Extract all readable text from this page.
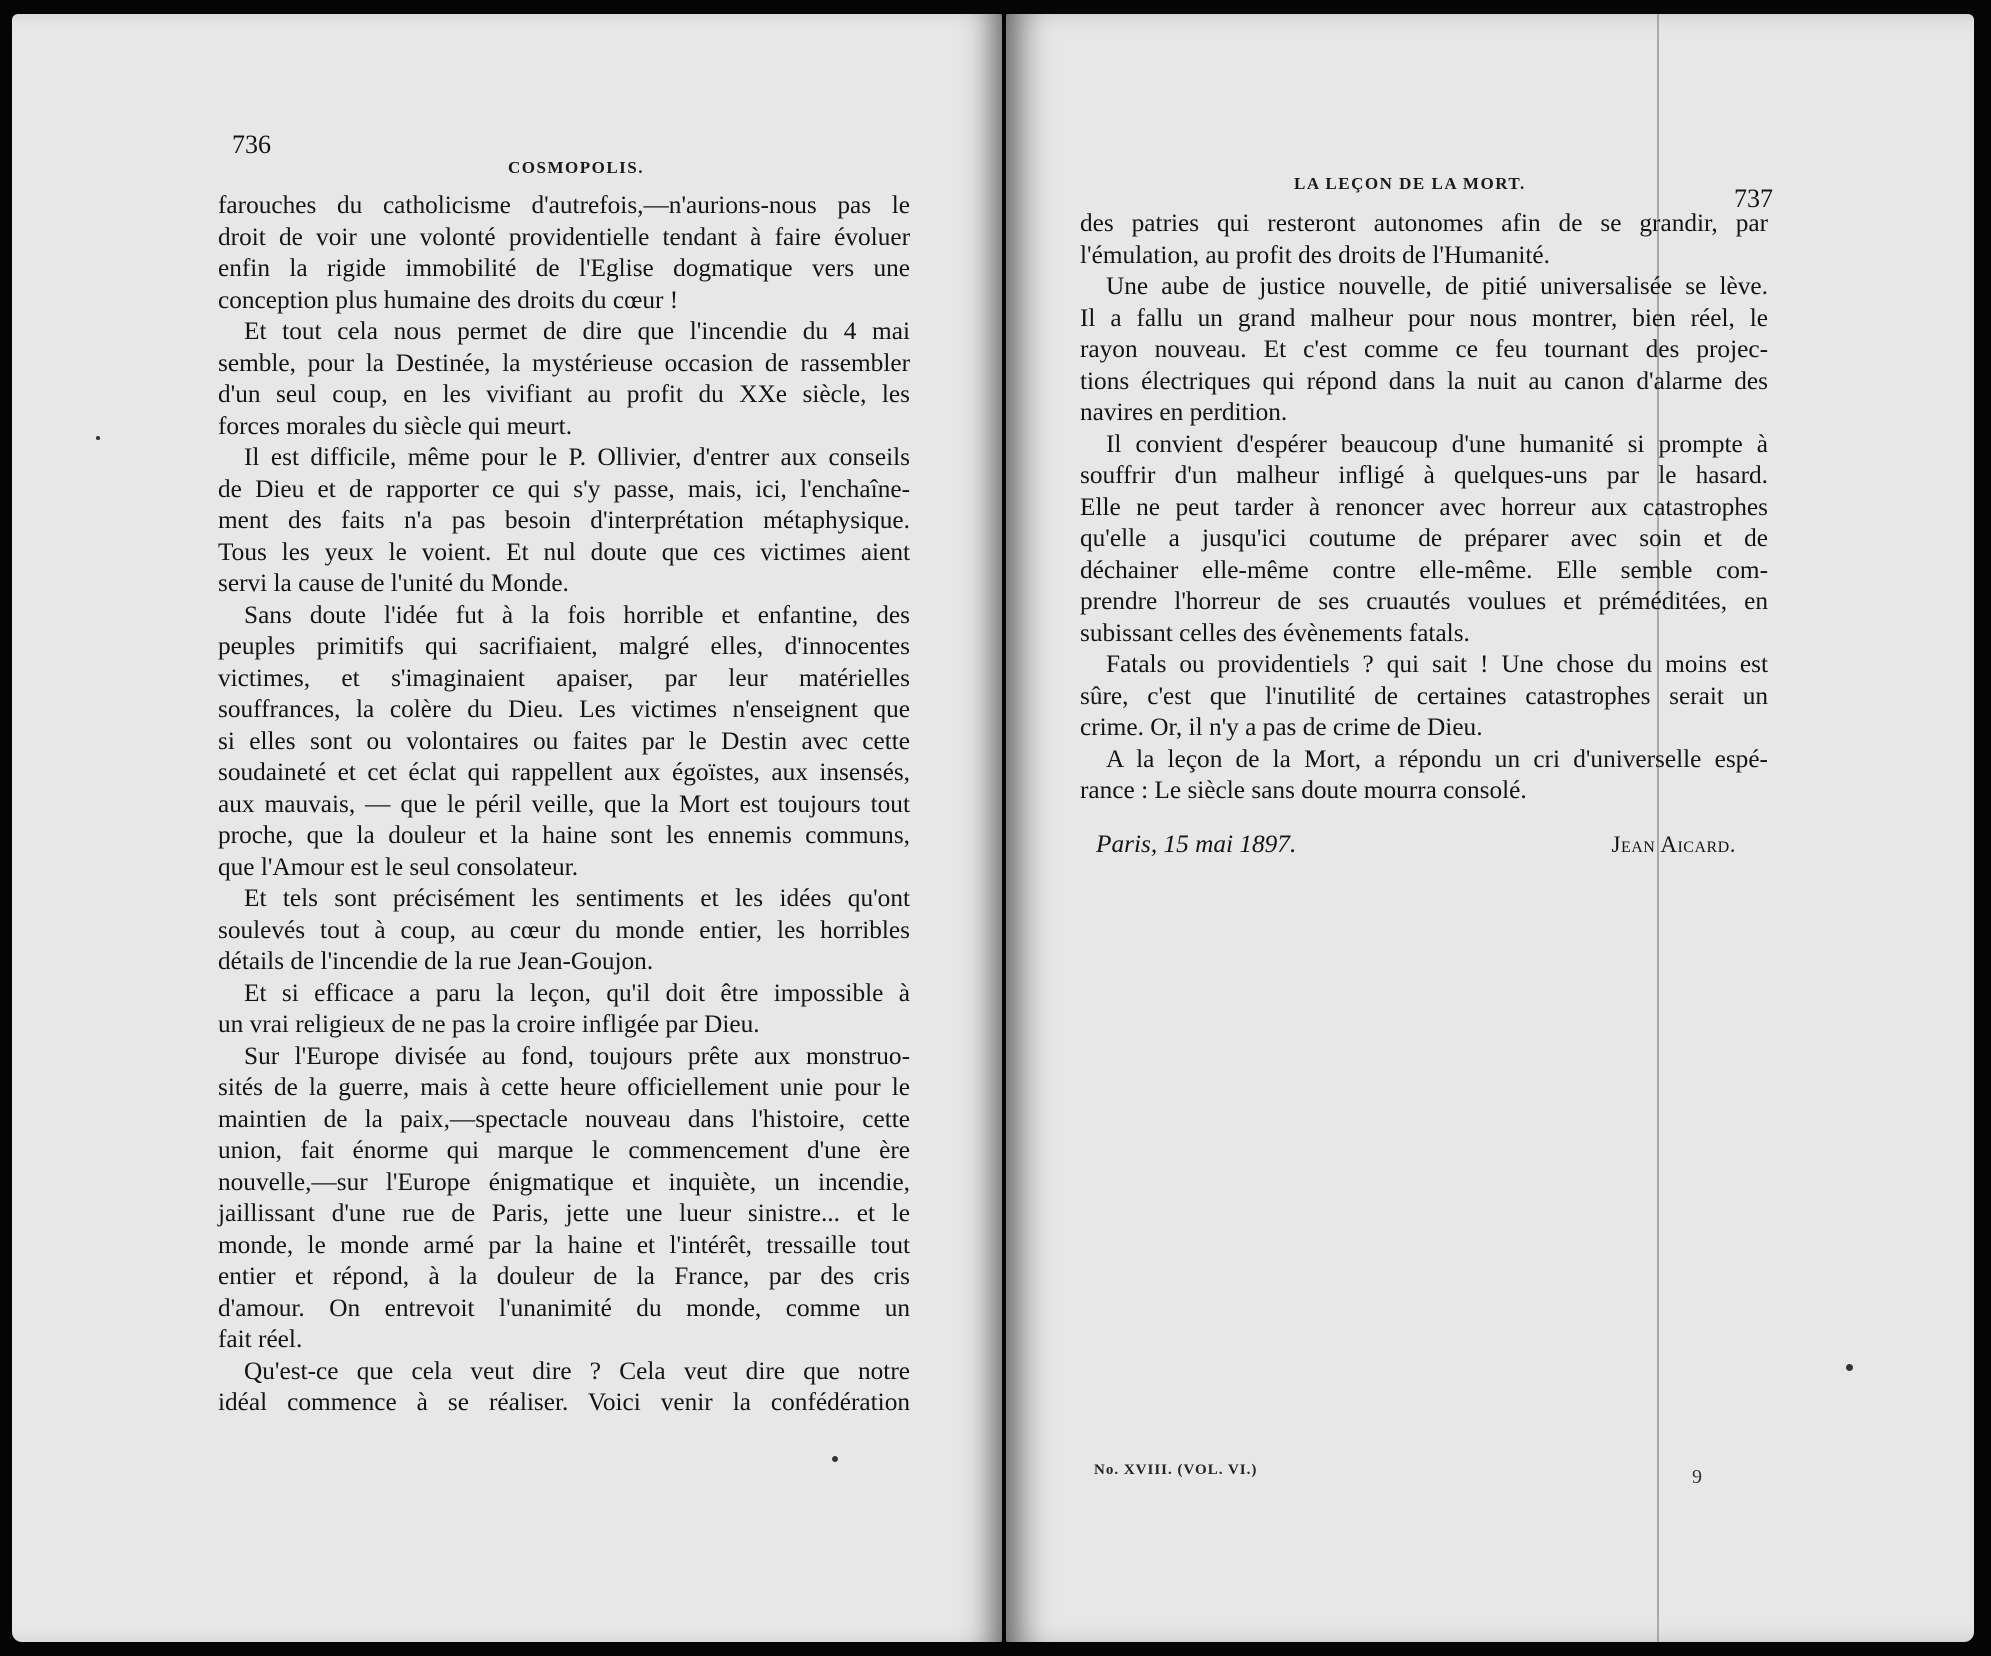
736
COSMOPOLIS.
LA LEÇON DE LA MORT.
737
farouches du catholicisme d'autrefois,—n'aurions-nous pas le
droit de voir une volonté providentielle tendant à faire évoluer
enfin la rigide immobilité de l'Eglise dogmatique vers une
conception plus humaine des droits du cœur !
Et tout cela nous permet de dire que l'incendie du 4 mai
semble, pour la Destinée, la mystérieuse occasion de rassembler
d'un seul coup, en les vivifiant au profit du XXe siècle, les
forces morales du siècle qui meurt.
Il est difficile, même pour le P. Ollivier, d'entrer aux conseils
de Dieu et de rapporter ce qui s'y passe, mais, ici, l'enchaîne-
ment des faits n'a pas besoin d'interprétation métaphysique.
Tous les yeux le voient. Et nul doute que ces victimes aient
servi la cause de l'unité du Monde.
Sans doute l'idée fut à la fois horrible et enfantine, des
peuples primitifs qui sacrifiaient, malgré elles, d'innocentes
victimes, et s'imaginaient apaiser, par leur matérielles
souffrances, la colère du Dieu. Les victimes n'enseignent que
si elles sont ou volontaires ou faites par le Destin avec cette
soudaineté et cet éclat qui rappellent aux égoïstes, aux insensés,
aux mauvais, — que le péril veille, que la Mort est toujours tout
proche, que la douleur et la haine sont les ennemis communs,
que l'Amour est le seul consolateur.
Et tels sont précisément les sentiments et les idées qu'ont
soulevés tout à coup, au cœur du monde entier, les horribles
détails de l'incendie de la rue Jean-Goujon.
Et si efficace a paru la leçon, qu'il doit être impossible à
un vrai religieux de ne pas la croire infligée par Dieu.
Sur l'Europe divisée au fond, toujours prête aux monstruo-
sités de la guerre, mais à cette heure officiellement unie pour le
maintien de la paix,—spectacle nouveau dans l'histoire, cette
union, fait énorme qui marque le commencement d'une ère
nouvelle,—sur l'Europe énigmatique et inquiète, un incendie,
jaillissant d'une rue de Paris, jette une lueur sinistre... et le
monde, le monde armé par la haine et l'intérêt, tressaille tout
entier et répond, à la douleur de la France, par des cris
d'amour. On entrevoit l'unanimité du monde, comme un
fait réel.
Qu'est-ce que cela veut dire ? Cela veut dire que notre
idéal commence à se réaliser. Voici venir la confédération
des patries qui resteront autonomes afin de se grandir, par
l'émulation, au profit des droits de l'Humanité.
Une aube de justice nouvelle, de pitié universalisée se lève.
Il a fallu un grand malheur pour nous montrer, bien réel, le
rayon nouveau. Et c'est comme ce feu tournant des projec-
tions électriques qui répond dans la nuit au canon d'alarme des
navires en perdition.
Il convient d'espérer beaucoup d'une humanité si prompte à
souffrir d'un malheur infligé à quelques-uns par le hasard.
Elle ne peut tarder à renoncer avec horreur aux catastrophes
qu'elle a jusqu'ici coutume de préparer avec soin et de
déchainer elle-même contre elle-même. Elle semble com-
prendre l'horreur de ses cruautés voulues et préméditées, en
subissant celles des évènements fatals.
Fatals ou providentiels ? qui sait ! Une chose du moins est
sûre, c'est que l'inutilité de certaines catastrophes serait un
crime. Or, il n'y a pas de crime de Dieu.
A la leçon de la Mort, a répondu un cri d'universelle espé-
rance : Le siècle sans doute mourra consolé.
Paris, 15 mai 1897.	Jean Aicard.
No. XVIII. (VOL. VI.)	9
